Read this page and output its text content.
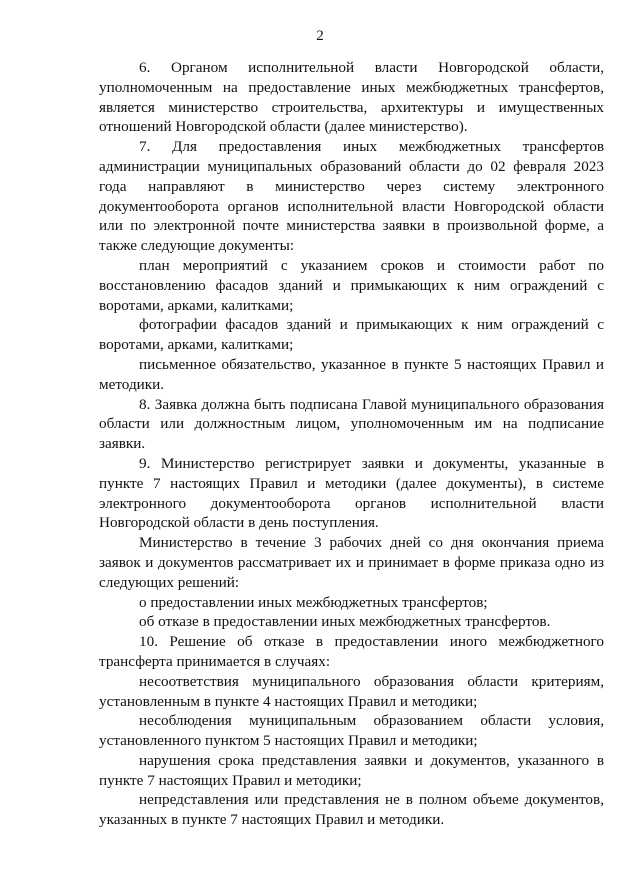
2

6. Органом исполнительной власти Новгородской области, уполномоченным на предоставление иных межбюджетных трансфертов, является министерство строительства, архитектуры и имущественных отношений Новгородской области (далее министерство).

7. Для предоставления иных межбюджетных трансфертов администрации муниципальных образований области до 02 февраля 2023 года направляют в министерство через систему электронного документооборота органов исполнительной власти Новгородской области или по электронной почте министерства заявки в произвольной форме, а также следующие документы:

план мероприятий с указанием сроков и стоимости работ по восстановлению фасадов зданий и примыкающих к ним ограждений с воротами, арками, калитками;

фотографии фасадов зданий и примыкающих к ним ограждений с воротами, арками, калитками;

письменное обязательство, указанное в пункте 5 настоящих Правил и методики.

8. Заявка должна быть подписана Главой муниципального образования области или должностным лицом, уполномоченным им на подписание заявки.

9. Министерство регистрирует заявки и документы, указанные в пункте 7 настоящих Правил и методики (далее документы), в системе электронного документооборота органов исполнительной власти Новгородской области в день поступления.

Министерство в течение 3 рабочих дней со дня окончания приема заявок и документов рассматривает их и принимает в форме приказа одно из следующих решений:

о предоставлении иных межбюджетных трансфертов;

об отказе в предоставлении иных межбюджетных трансфертов.

10. Решение об отказе в предоставлении иного межбюджетного трансферта принимается в случаях:

несоответствия муниципального образования области критериям, установленным в пункте 4 настоящих Правил и методики;

несоблюдения муниципальным образованием области условия, установленного пунктом 5 настоящих Правил и методики;

нарушения срока представления заявки и документов, указанного в пункте 7 настоящих Правил и методики;

непредставления или представления не в полном объеме документов, указанных в пункте 7 настоящих Правил и методики.
